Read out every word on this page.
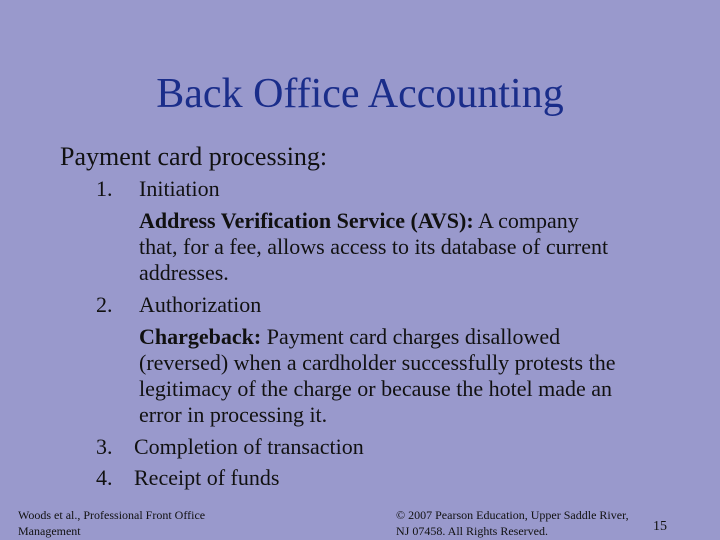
Back Office Accounting
Payment card processing:
1. Initiation
Address Verification Service (AVS): A company
that, for a fee, allows access to its database of current
addresses.
2. Authorization
Chargeback: Payment card charges disallowed
(reversed) when a cardholder successfully protests the
legitimacy of the charge or because the hotel made an
error in processing it.
3. Completion of transaction
4. Receipt of funds
Woods et al., Professional Front Office
Management
© 2007 Pearson Education, Upper Saddle River,
NJ 07458. All Rights Reserved.	15
